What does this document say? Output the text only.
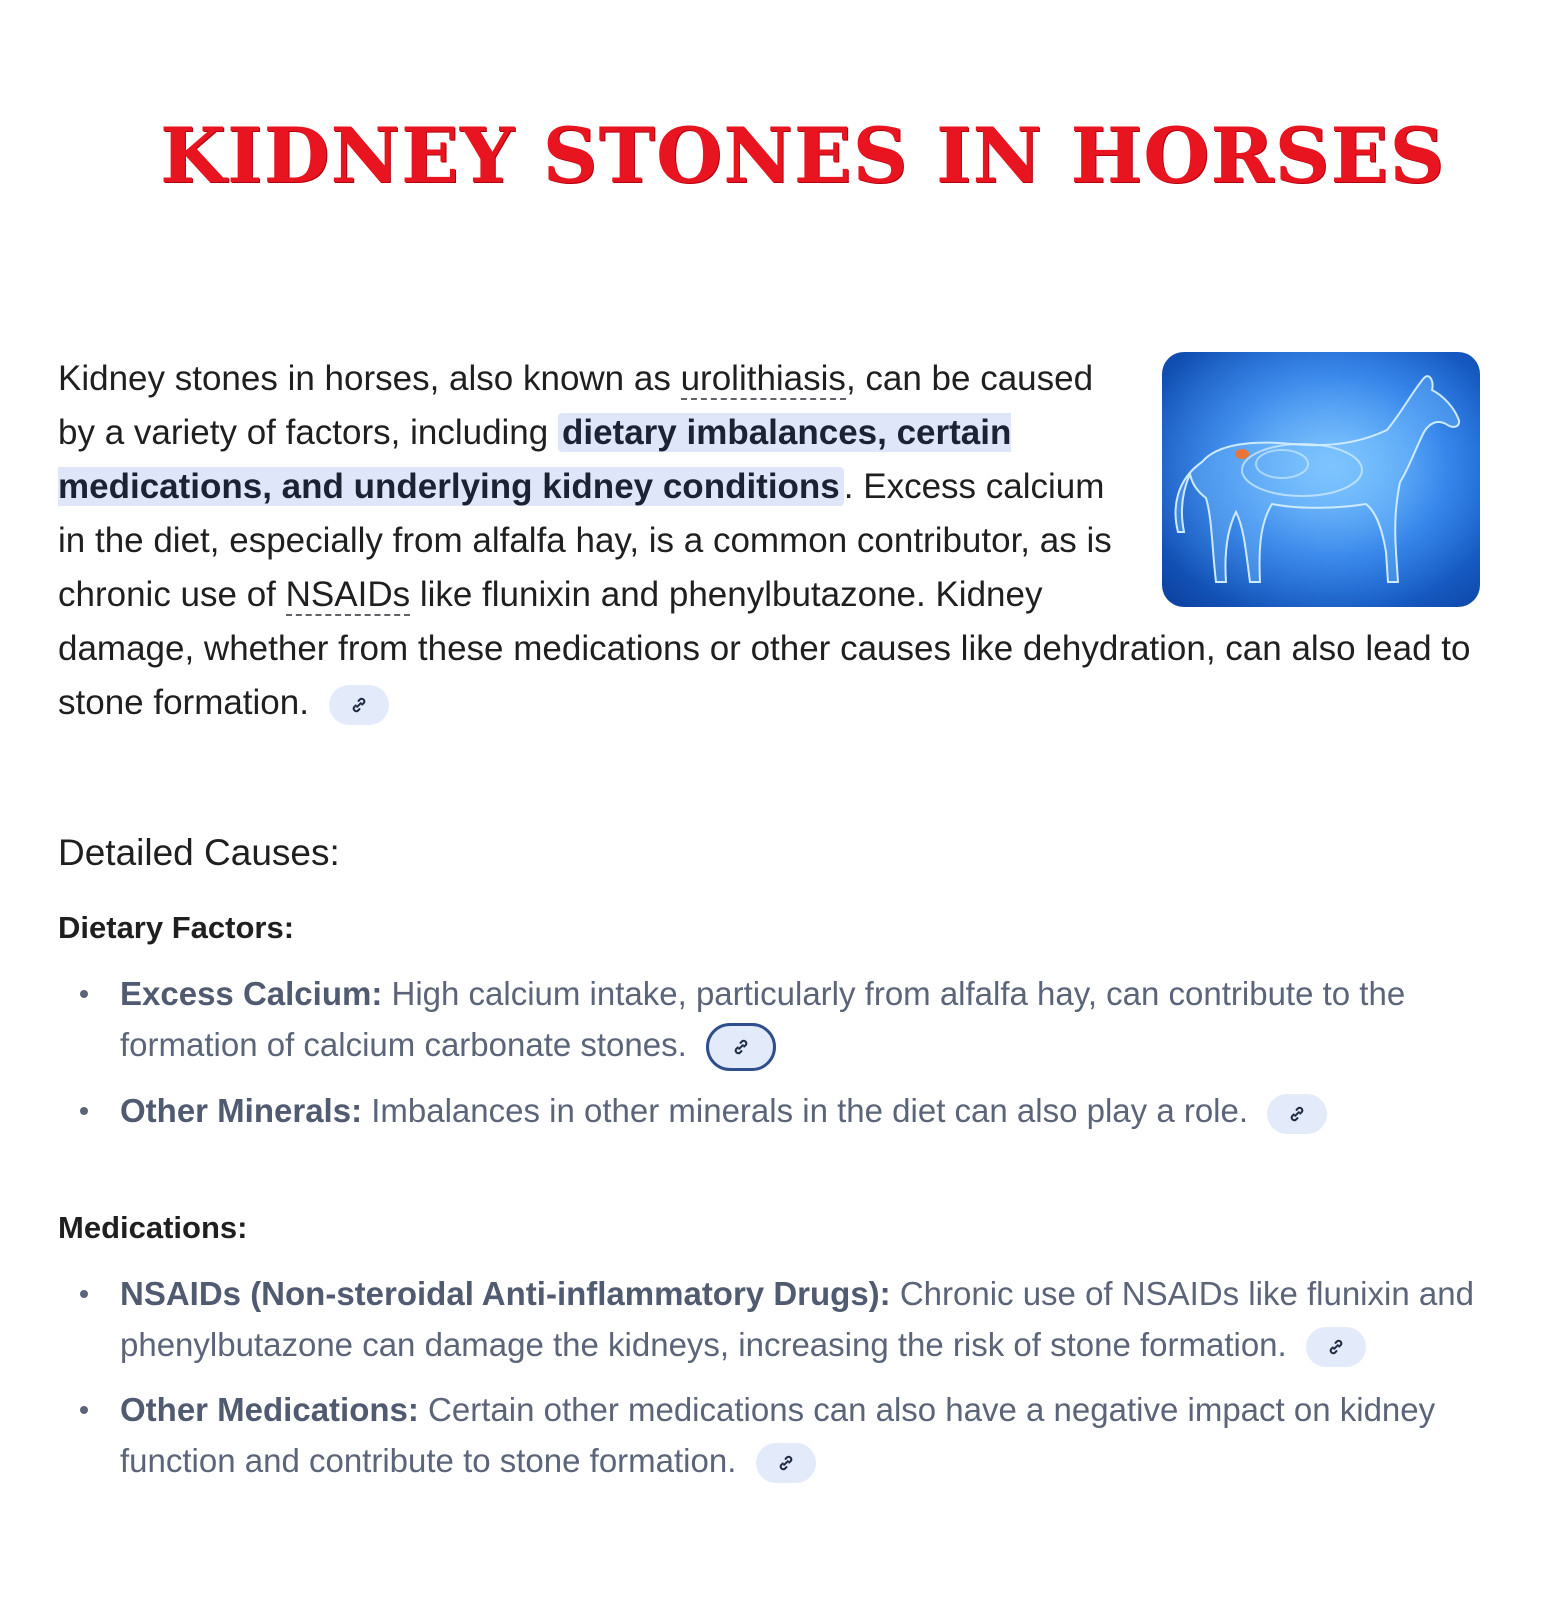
KIDNEY STONES IN HORSES
Kidney stones in horses, also known as urolithiasis, can be caused by a variety of factors, including dietary imbalances, certain medications, and underlying kidney conditions . Excess calcium in the diet, especially from alfalfa hay, is a common contributor, as is chronic use of NSAIDs like flunixin and phenylbutazone. Kidney damage, whether from these medications or other causes like dehydration, can also lead to stone formation.
Detailed Causes:
Dietary Factors:
Excess Calcium: High calcium intake, particularly from alfalfa hay, can contribute to the formation of calcium carbonate stones.
Other Minerals: Imbalances in other minerals in the diet can also play a role.
Medications:
NSAIDs (Non-steroidal Anti-inflammatory Drugs): Chronic use of NSAIDs like flunixin and phenylbutazone can damage the kidneys, increasing the risk of stone formation.
Other Medications: Certain other medications can also have a negative impact on kidney function and contribute to stone formation.
